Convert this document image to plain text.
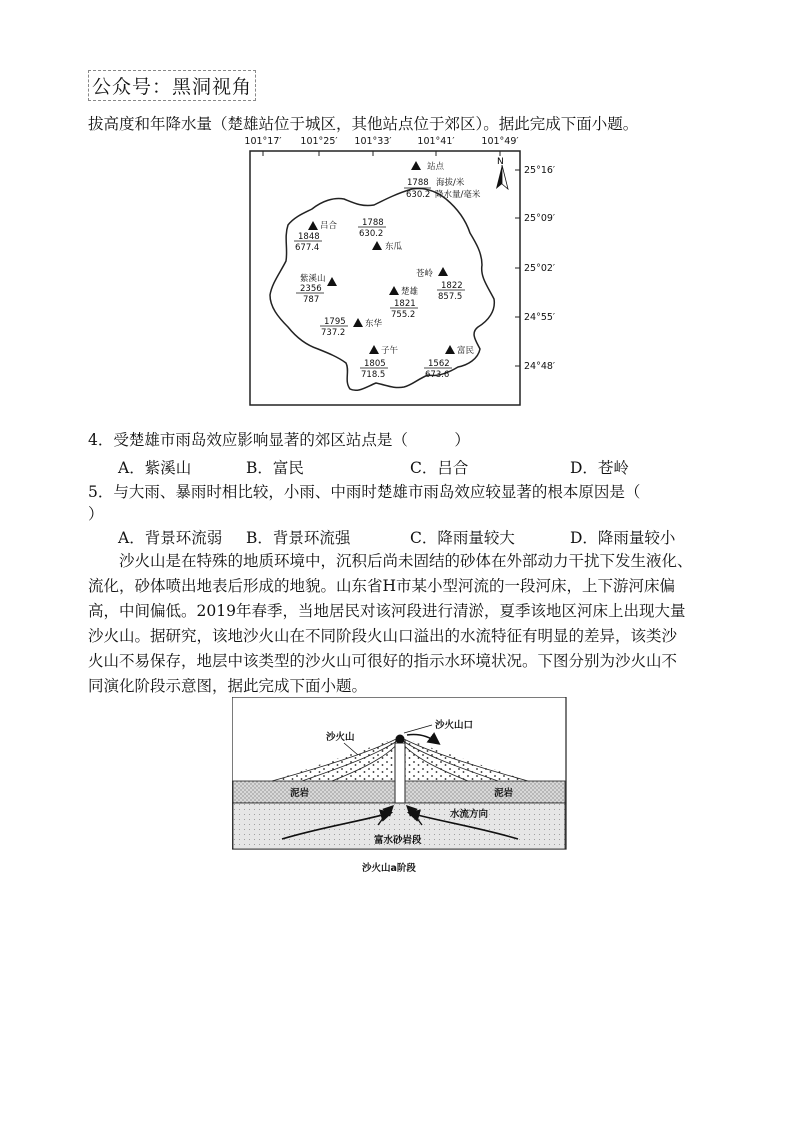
公众号：黑洞视角
拔高度和年降水量（楚雄站位于城区，其他站点位于郊区）。据此完成下面小题。
101°17′ 101°25′ 101°33′	101°41′	101°49′
25°16′
25°09′
25°02′
24°55′
24°48′
N
站点
1788
630.2
海拔/米
降水量/毫米
吕合
1848
677.4
1788
630.2
东瓜
紫溪山
2356
787
楚雄
1821
755.2
苍岭
1822
857.5
1795
737.2
东华
子午
1805
718.5
富民
1562
673.6
4．受楚雄市雨岛效应影响显著的郊区站点是（　　　）
A．紫溪山	B．富民	C．吕合	D．苍岭
5．与大雨、暴雨时相比较，小雨、中雨时楚雄市雨岛效应较显著的根本原因是（
）
A．背景环流弱 B．背景环流强	C．降雨量较大	D．降雨量较小
　　沙火山是在特殊的地质环境中，沉积后尚未固结的砂体在外部动力干扰下发生液化、
流化，砂体喷出地表后形成的地貌。山东省H市某小型河流的一段河床，上下游河床偏
高，中间偏低。2019年春季，当地居民对该河段进行清淤，夏季该地区河床上出现大量
沙火山。据研究，该地沙火山在不同阶段火山口溢出的水流特征有明显的差异，该类沙
火山不易保存，地层中该类型的沙火山可很好的指示水环境状况。下图分别为沙火山不
同演化阶段示意图，据此完成下面小题。
沙火山口
沙火山
泥岩	泥岩
水流方向
富水砂岩段
沙火山a阶段
